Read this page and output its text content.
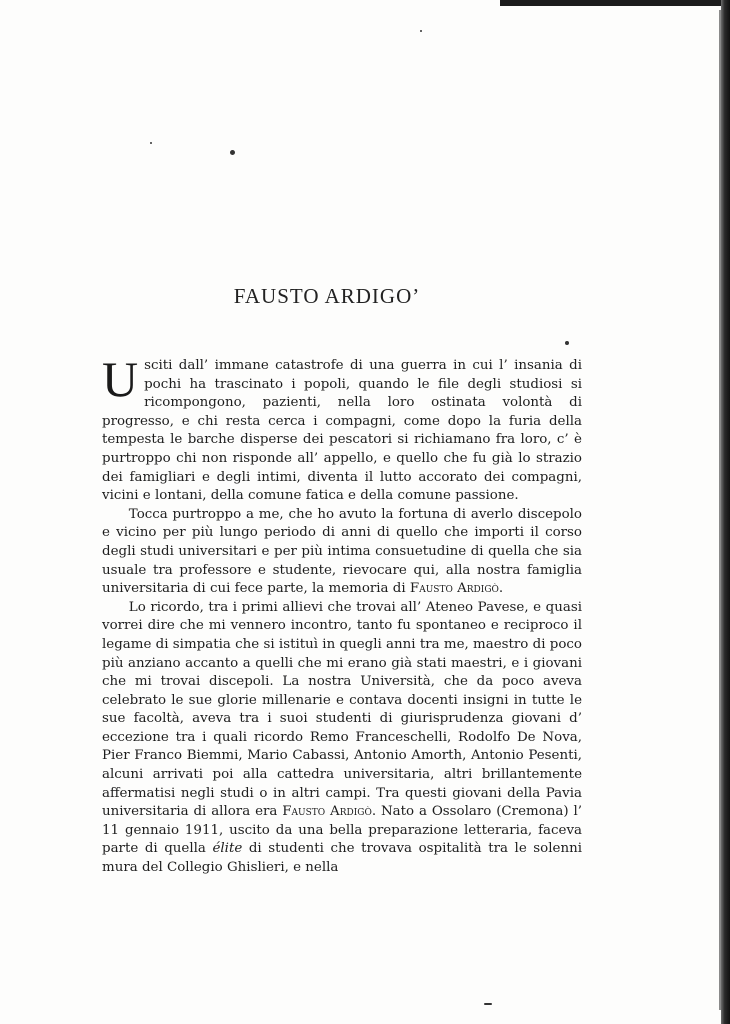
FAUSTO ARDIGO’

Usciti dall’ immane catastrofe di una guerra in cui l’ insania di pochi ha trascinato i popoli, quando le file degli studiosi si ricompongono, pazienti, nella loro ostinata volontà di progresso, e chi resta cerca i compagni, come dopo la furia della tempesta le barche disperse dei pescatori si richiamano fra loro, c’ è purtroppo chi non risponde all’ appello, e quello che fu già lo strazio dei famigliari e degli intimi, diventa il lutto accorato dei compagni, vicini e lontani, della comune fatica e della comune passione.

Tocca purtroppo a me, che ho avuto la fortuna di averlo discepolo e vicino per più lungo periodo di anni di quello che importi il corso degli studi universitari e per più intima consuetudine di quella che sia usuale tra professore e studente, rievocare qui, alla nostra famiglia universitaria di cui fece parte, la memoria di Fausto Ardigò.

Lo ricordo, tra i primi allievi che trovai all’ Ateneo Pavese, e quasi vorrei dire che mi vennero incontro, tanto fu spontaneo e reciproco il legame di simpatia che si istituì in quegli anni tra me, maestro di poco più anziano accanto a quelli che mi erano già stati maestri, e i giovani che mi trovai discepoli. La nostra Università, che da poco aveva celebrato le sue glorie millenarie e contava docenti insigni in tutte le sue facoltà, aveva tra i suoi studenti di giurisprudenza giovani d’ eccezione tra i quali ricordo Remo Franceschelli, Rodolfo De Nova, Pier Franco Biemmi, Mario Cabassi, Antonio Amorth, Antonio Pesenti, alcuni arrivati poi alla cattedra universitaria, altri brillantemente affermatisi negli studi o in altri campi. Tra questi giovani della Pavia universitaria di allora era Fausto Ardigò. Nato a Ossolaro (Cremona) l’ 11 gennaio 1911, uscito da una bella preparazione letteraria, faceva parte di quella élite di studenti che trovava ospitalità tra le solenni mura del Collegio Ghislieri, e nella
